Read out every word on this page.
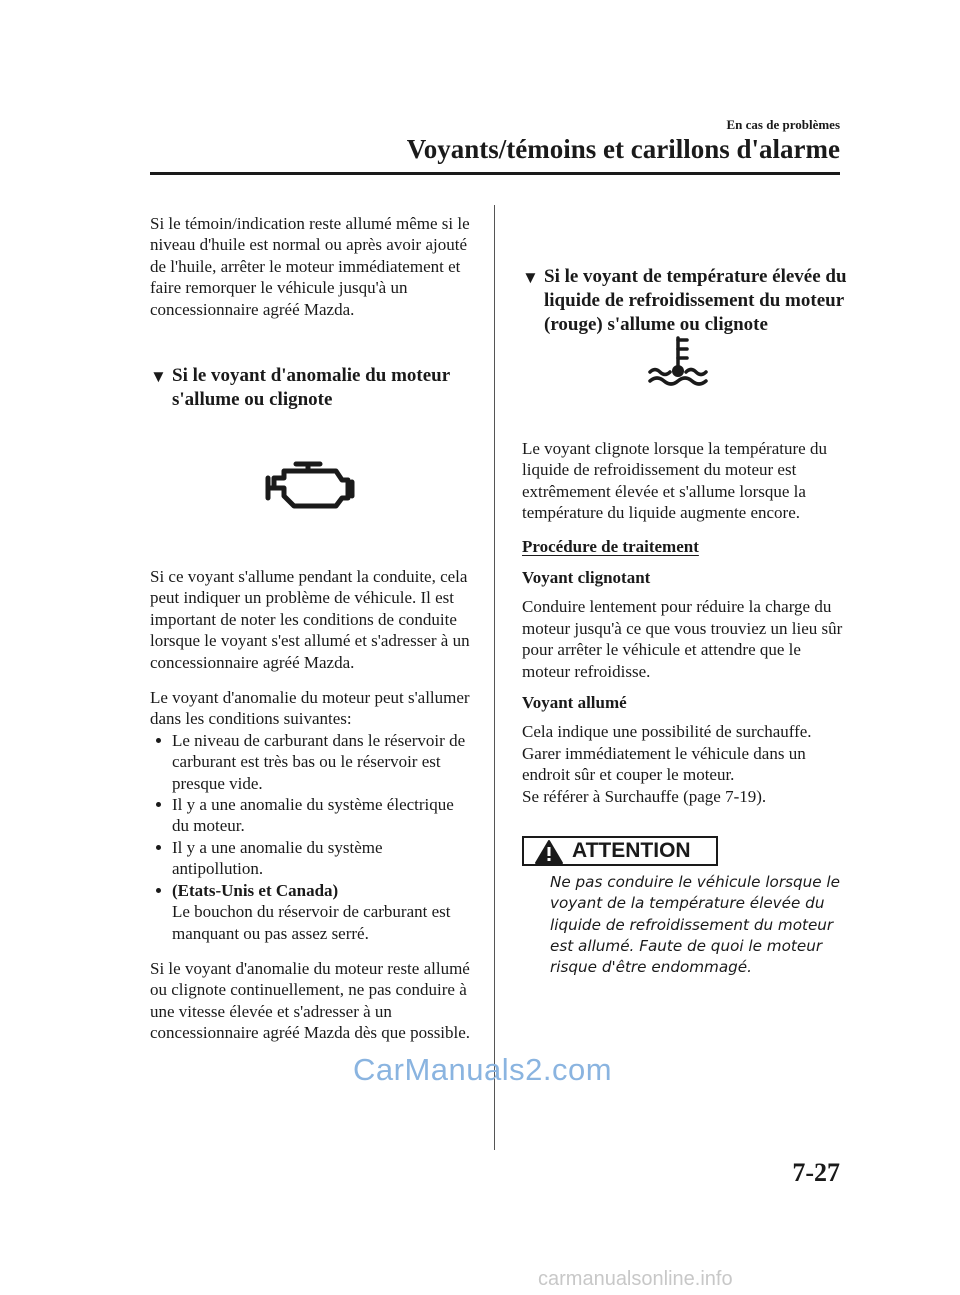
En cas de problèmes
Voyants/témoins et carillons d'alarme

Si le témoin/indication reste allumé même si le niveau d'huile est normal ou après avoir ajouté de l'huile, arrêter le moteur immédiatement et faire remorquer le véhicule jusqu'à un concessionnaire agréé Mazda.

▼ Si le voyant d'anomalie du moteur s'allume ou clignote

Si ce voyant s'allume pendant la conduite, cela peut indiquer un problème de véhicule. Il est important de noter les conditions de conduite lorsque le voyant s'est allumé et s'adresser à un concessionnaire agréé Mazda.

Le voyant d'anomalie du moteur peut s'allumer dans les conditions suivantes:

Le niveau de carburant dans le réservoir de carburant est très bas ou le réservoir est presque vide.
Il y a une anomalie du système électrique du moteur.
Il y a une anomalie du système antipollution.
(Etats-Unis et Canada)
Le bouchon du réservoir de carburant est manquant ou pas assez serré.

Si le voyant d'anomalie du moteur reste allumé ou clignote continuellement, ne pas conduire à une vitesse élevée et s'adresser à un concessionnaire agréé Mazda dès que possible.

▼ Si le voyant de température élevée du liquide de refroidissement du moteur (rouge) s'allume ou clignote

Le voyant clignote lorsque la température du liquide de refroidissement du moteur est extrêmement élevée et s'allume lorsque la température du liquide augmente encore.

Procédure de traitement

Voyant clignotant

Conduire lentement pour réduire la charge du moteur jusqu'à ce que vous trouviez un lieu sûr pour arrêter le véhicule et attendre que le moteur refroidisse.

Voyant allumé

Cela indique une possibilité de surchauffe. Garer immédiatement le véhicule dans un endroit sûr et couper le moteur.

Se référer à Surchauffe (page 7-19).

ATTENTION
Ne pas conduire le véhicule lorsque le voyant de la température élevée du liquide de refroidissement du moteur est allumé. Faute de quoi le moteur risque d'être endommagé.
CarManuals2.com
7-27
carmanualsonline.info
